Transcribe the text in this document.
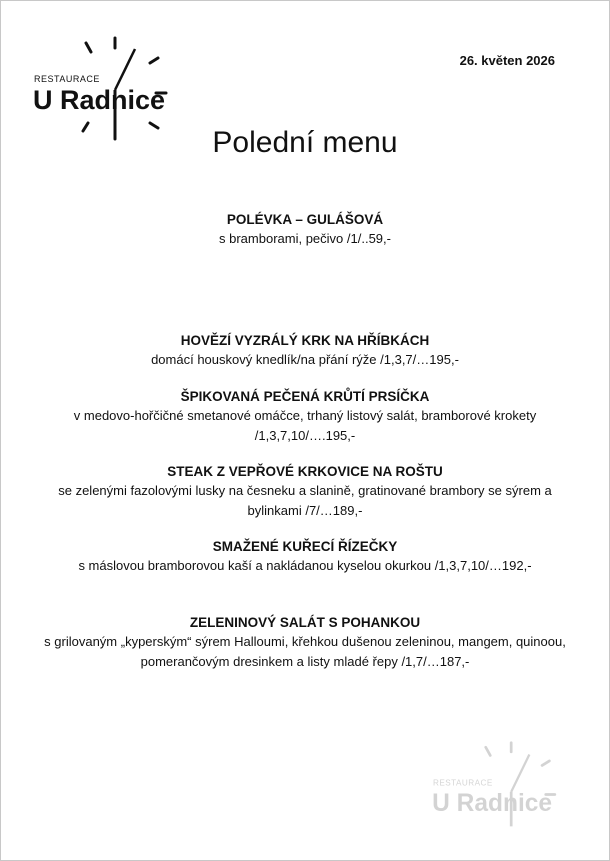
RESTAURACE
U Radnice
RESTAURACE
U Radnice
26. květen 2026
Polední menu
POLÉVKA – GULÁŠOVÁ
s bramborami, pečivo /1/..59,-
HOVĚZÍ VYZRÁLÝ KRK NA HŘÍBKÁCH
domácí houskový knedlík/na přání rýže /1,3,7/…195,-
ŠPIKOVANÁ PEČENÁ KRŮTÍ PRSÍČKA
v medovo-hořčičné smetanové omáčce, trhaný listový salát, bramborové krokety /1,3,7,10/….195,-
STEAK Z VEPŘOVÉ KRKOVICE NA ROŠTU
se zelenými fazolovými lusky na česneku a slanině, gratinované brambory se sýrem a bylinkami /7/…189,-
SMAŽENÉ KUŘECÍ ŘÍZEČKY
s máslovou bramborovou kaší a nakládanou kyselou okurkou /1,3,7,10/…192,-
ZELENINOVÝ SALÁT S POHANKOU
s grilovaným „kyperským“ sýrem Halloumi, křehkou dušenou zeleninou, mangem, quinoou, pomerančovým dresinkem a listy mladé řepy /1,7/…187,-
